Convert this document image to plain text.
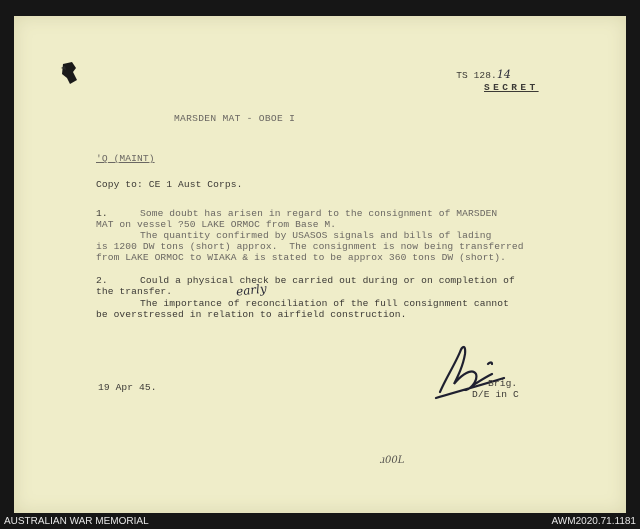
TS 128.14

SECRET
MARSDEN MAT - OBOE I
'Q (MAINT)
Copy to: CE 1 Aust Corps.
1.	Some doubt has arisen in regard to the consignment of MARSDEN
MAT on vessel ?50 LAKE ORMOC from Base M.
The quantity confirmed by USASOS signals and bills of lading
is 1200 DW tons (short) approx.  The consignment is now being transferred
from LAKE ORMOC to WIAKA & is stated to be approx 360 tons DW (short).
2.	Could a physical check be carried out during or on completion of
the transfer.	early
The importance of reconciliation of the full consignment cannot
be overstressed in relation to airfield construction.
19 Apr 45.	Brig.
D/E in C
ɹ00L
AUSTRALIAN WAR MEMORIAL	AWM2020.71.1181
